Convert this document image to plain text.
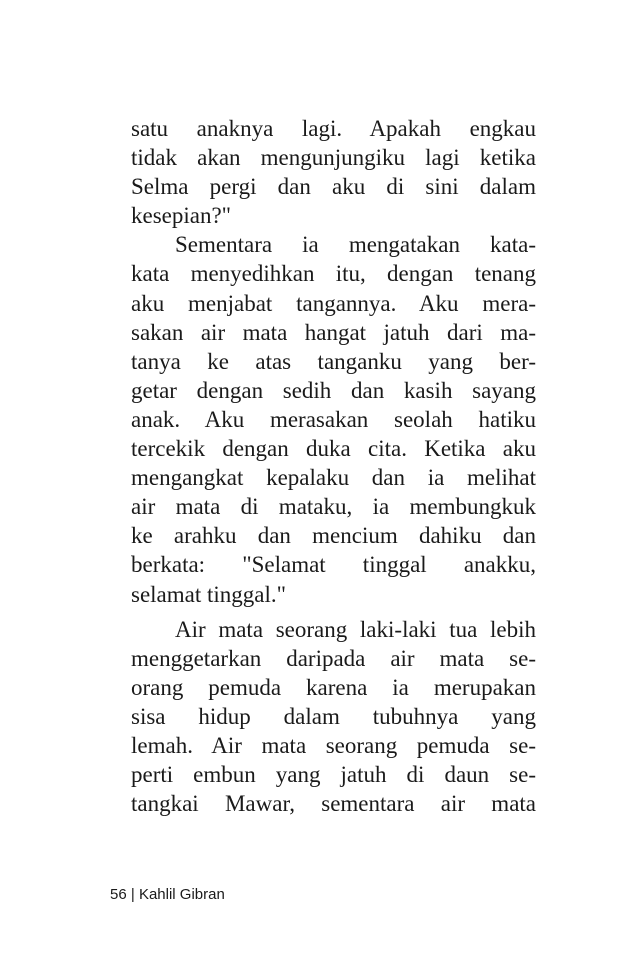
satu anaknya lagi. Apakah engkau
tidak akan mengunjungiku lagi ketika
Selma pergi dan aku di sini dalam
kesepian?"
Sementara ia mengatakan kata-
kata menyedihkan itu, dengan tenang
aku menjabat tangannya. Aku mera-
sakan air mata hangat jatuh dari ma-
tanya ke atas tanganku yang ber-
getar dengan sedih dan kasih sayang
anak. Aku merasakan seolah hatiku
tercekik dengan duka cita. Ketika aku
mengangkat kepalaku dan ia melihat
air mata di mataku, ia membungkuk
ke arahku dan mencium dahiku dan
berkata: "Selamat tinggal anakku,
selamat tinggal."
Air mata seorang laki-laki tua lebih
menggetarkan daripada air mata se-
orang pemuda karena ia merupakan
sisa hidup dalam tubuhnya yang
lemah. Air mata seorang pemuda se-
perti embun yang jatuh di daun se-
tangkai Mawar, sementara air mata
56 | Kahlil Gibran
